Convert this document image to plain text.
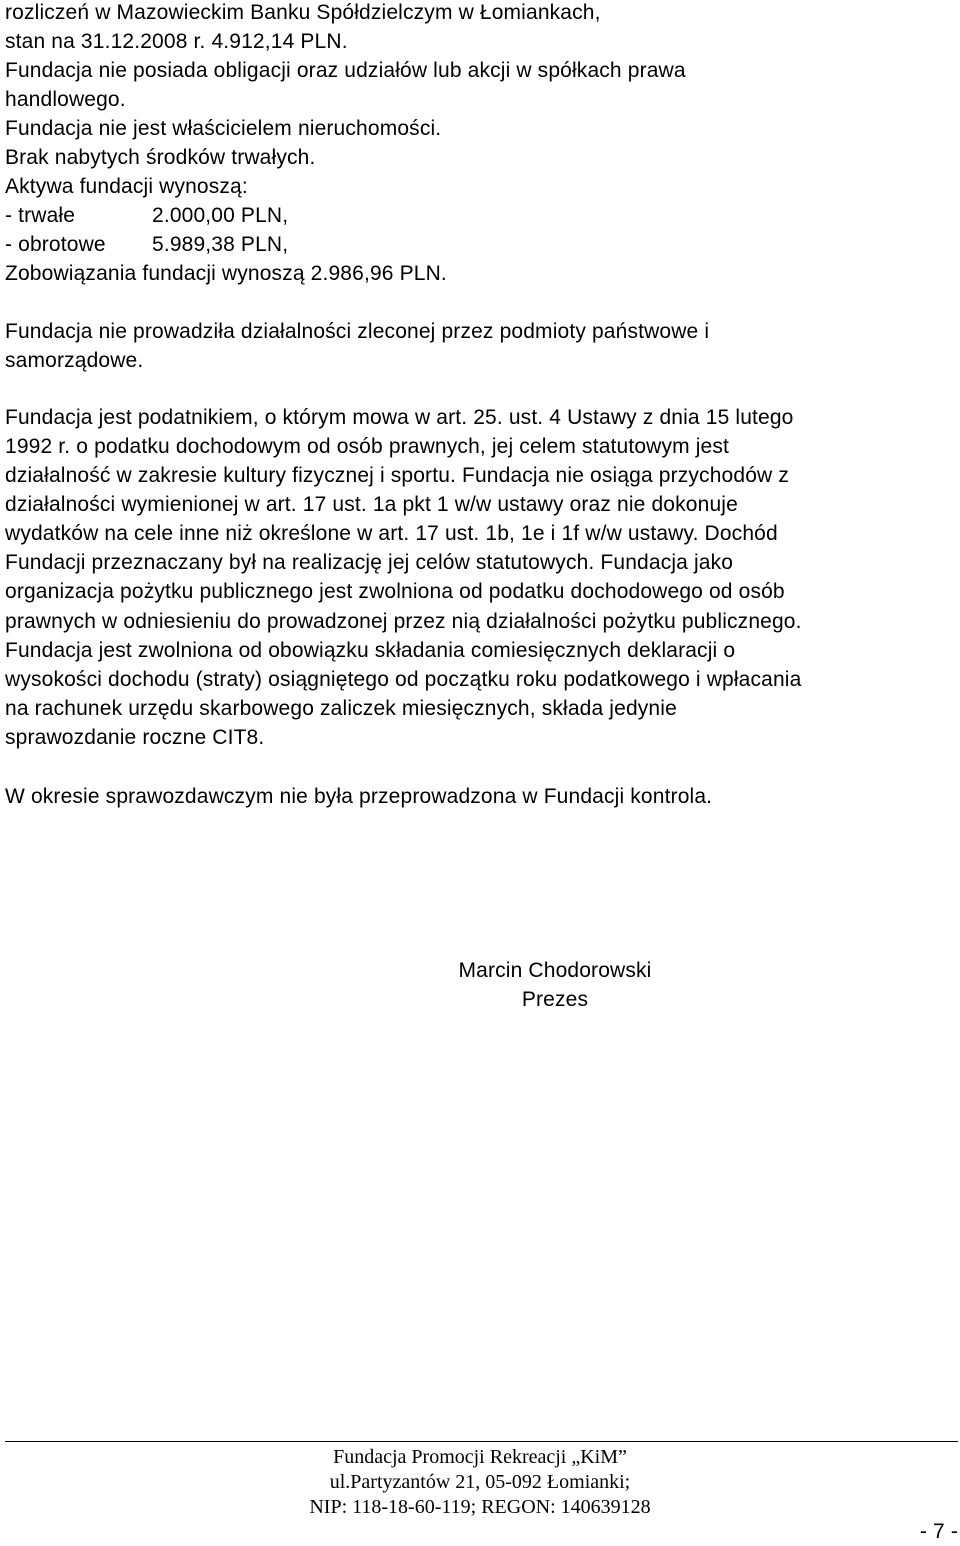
rozliczeń w Mazowieckim Banku Spółdzielczym w Łomiankach,

stan na 31.12.2008 r. 4.912,14 PLN.

Fundacja nie posiada obligacji oraz udziałów lub akcji w spółkach prawa

handlowego.

Fundacja nie jest właścicielem nieruchomości.

Brak nabytych środków trwałych.

Aktywa fundacji wynoszą:

- trwałe	2.000,00 PLN,

- obrotowe 5.989,38 PLN,

Zobowiązania fundacji wynoszą 2.986,96 PLN.

Fundacja nie prowadziła działalności zleconej przez podmioty państwowe i

samorządowe.

Fundacja jest podatnikiem, o którym mowa w art. 25. ust. 4 Ustawy z dnia 15 lutego

1992 r. o podatku dochodowym od osób prawnych, jej celem statutowym jest

działalność w zakresie kultury fizycznej i sportu. Fundacja nie osiąga przychodów z

działalności wymienionej w art. 17 ust. 1a pkt 1 w/w ustawy oraz nie dokonuje

wydatków na cele inne niż określone w art. 17 ust. 1b, 1e i 1f w/w ustawy. Dochód

Fundacji przeznaczany był na realizację jej celów statutowych. Fundacja jako

organizacja pożytku publicznego jest zwolniona od podatku dochodowego od osób

prawnych w odniesieniu do prowadzonej przez nią działalności pożytku publicznego.

Fundacja jest zwolniona od obowiązku składania comiesięcznych deklaracji o

wysokości dochodu (straty) osiągniętego od początku roku podatkowego i wpłacania

na rachunek urzędu skarbowego zaliczek miesięcznych, składa jedynie

sprawozdanie roczne CIT8.

W okresie sprawozdawczym nie była przeprowadzona w Fundacji kontrola.

Marcin Chodorowski
Prezes
Fundacja Promocji Rekreacji „KiM”
ul.Partyzantów 21, 05-092 Łomianki;
NIP: 118-18-60-119; REGON: 140639128
- 7 -
